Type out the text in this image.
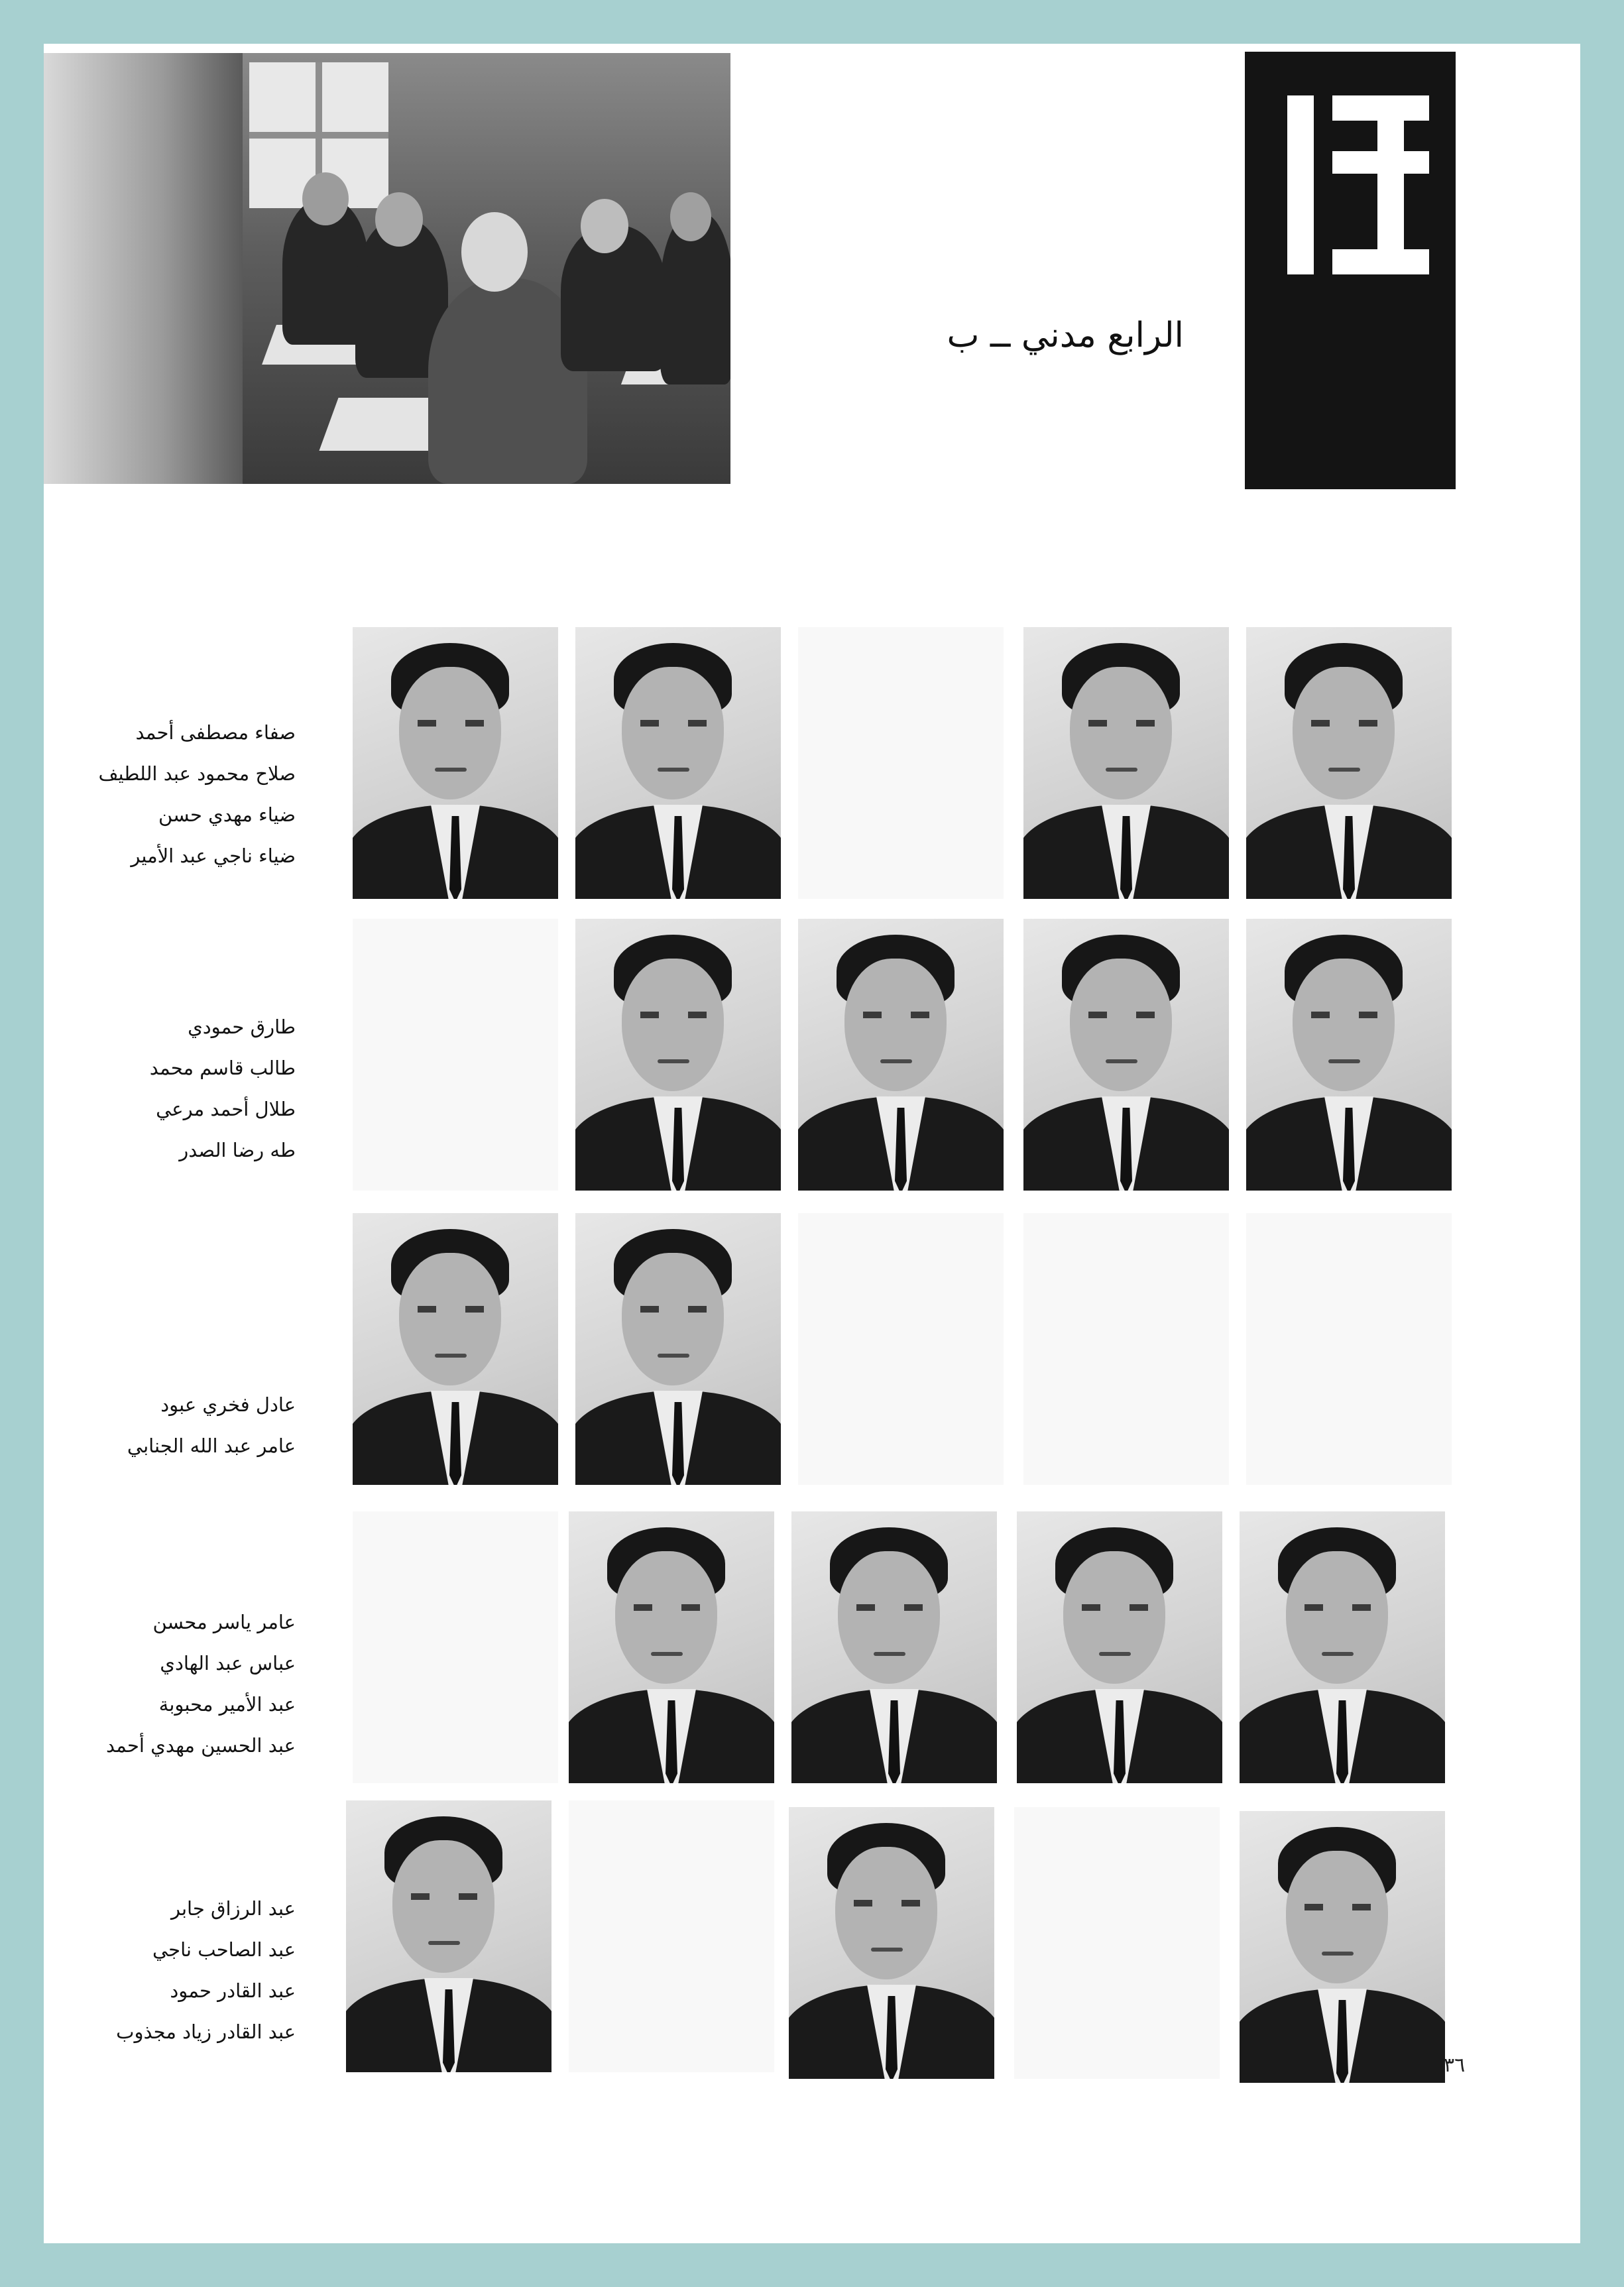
الرابع مدني ــ ب
صفاء مصطفى أحمد
صلاح محمود عبد اللطيف
ضياء مهدي حسن
ضياء ناجي عبد الأمير
طارق حمودي
طالب قاسم محمد
طلال أحمد مرعي
طه رضا الصدر
عادل فخري عبود
عامر عبد الله الجنابي
عامر ياسر محسن
عباس عبد الهادي
عبد الأمير محبوبة
عبد الحسين مهدي أحمد
عبد الرزاق جابر
عبد الصاحب ناجي
عبد القادر حمود
عبد القادر زياد مجذوب
٣٦
